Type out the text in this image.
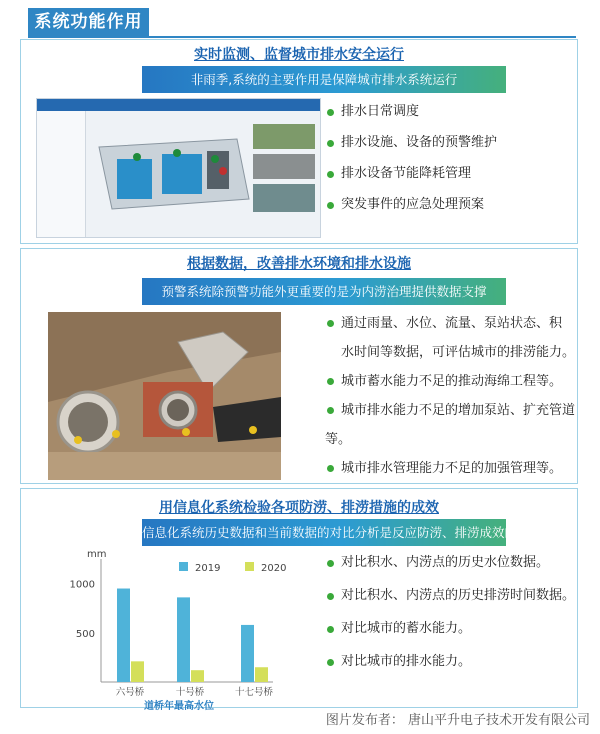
系统功能作用
实时监测、监督城市排水安全运行
非雨季,系统的主要作用是保障城市排水系统运行
排水日常调度
排水设施、设备的预警维护
排水设备节能降耗管理
突发事件的应急处理预案
根据数据，改善排水环境和排水设施
预警系统除预警功能外更重要的是为内涝治理提供数据支撑
通过雨量、水位、流量、泵站状态、积
水时间等数据，可评估城市的排涝能力。
城市蓄水能力不足的推动海绵工程等。
城市排水能力不足的增加泵站、扩充管道
等。
城市排水管理能力不足的加强管理等。
用信息化系统检验各项防涝、排涝措施的成效
信息化系统历史数据和当前数据的对比分析是反应防涝、排涝成效的镜子
mm
500
1000
2019	2020
六号桥	十号桥	十七号桥
道桥年最高水位
对比积水、内涝点的历史水位数据。
对比积水、内涝点的历史排涝时间数据。
对比城市的蓄水能力。
对比城市的排水能力。
图片发布者： 唐山平升电子技术开发有限公司
